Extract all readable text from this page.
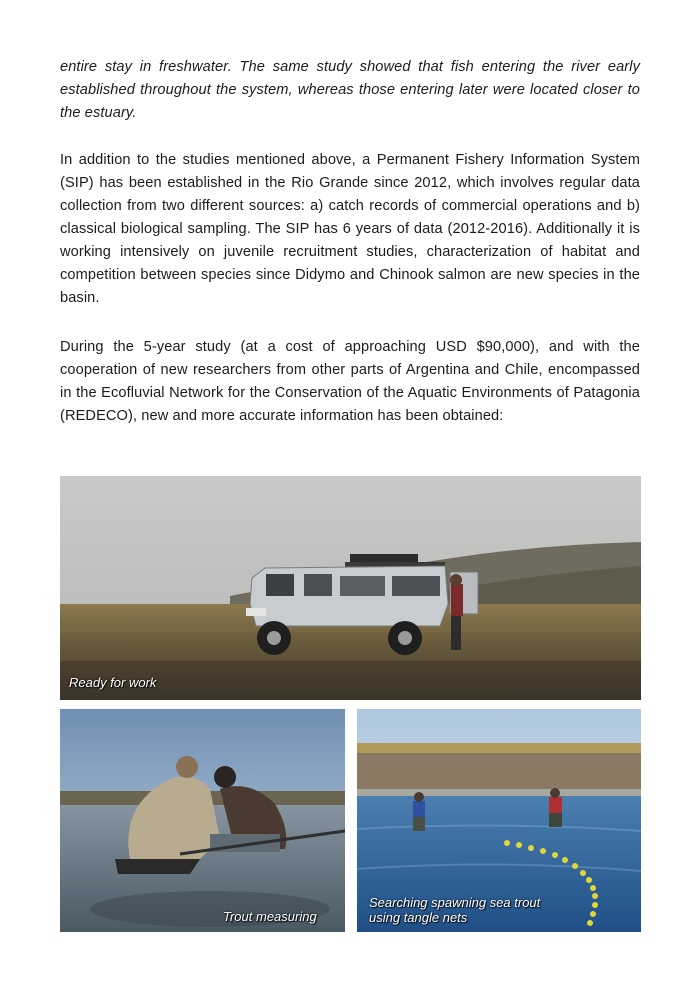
entire stay in freshwater. The same study showed that fish entering the river early established throughout the system, whereas those entering later were located closer to the estuary.

In addition to the studies mentioned above, a Permanent Fishery Information System (SIP) has been established in the Rio Grande since 2012, which involves regular data collection from two different sources: a) catch records of commercial operations and b) classical biological sampling. The SIP has 6 years of data (2012-2016). Additionally it is working intensively on juvenile recruitment studies, characterization of habitat and competition between species since Didymo and Chinook salmon are new species in the basin.

During the 5-year study (at a cost of approaching USD $90,000), and with the cooperation of new researchers from other parts of Argentina and Chile, encompassed in the Ecofluvial Network for the Conservation of the Aquatic Environments of Patagonia (REDECO), new and more accurate information has been obtained:

Ready for work
Trout measuring
Searching spawning sea trout
using tangle nets
